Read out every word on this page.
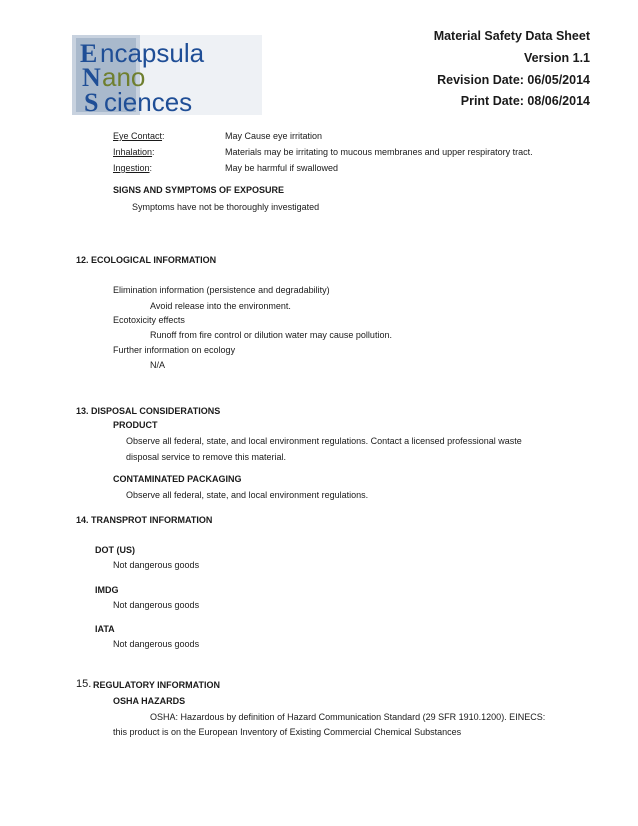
E
N
S
ncapsula
ano
ciences
Material Safety Data Sheet
Version 1.1
Revision Date: 06/05/2014
Print Date: 08/06/2014
Eye Contact:	May Cause eye irritation
Inhalation:	Materials may be irritating to mucous membranes and upper respiratory tract.
Ingestion:	May be harmful if swallowed
SIGNS AND SYMPTOMS OF EXPOSURE
Symptoms have not be thoroughly investigated
12. ECOLOGICAL INFORMATION
Elimination information (persistence and degradability)
Avoid release into the environment.
Ecotoxicity effects
Runoff from fire control or dilution water may cause pollution.
Further information on ecology
N/A
13. DISPOSAL CONSIDERATIONS
PRODUCT
Observe all federal, state, and local environment regulations. Contact a licensed professional waste
disposal service to remove this material.
CONTAMINATED PACKAGING
Observe all federal, state, and local environment regulations.
14. TRANSPROT INFORMATION
DOT (US)
Not dangerous goods
IMDG
Not dangerous goods
IATA
Not dangerous goods
15. REGULATORY INFORMATION
OSHA HAZARDS
OSHA: Hazardous by definition of Hazard Communication Standard (29 SFR 1910.1200). EINECS:
this product is on the European Inventory of Existing Commercial Chemical Substances
